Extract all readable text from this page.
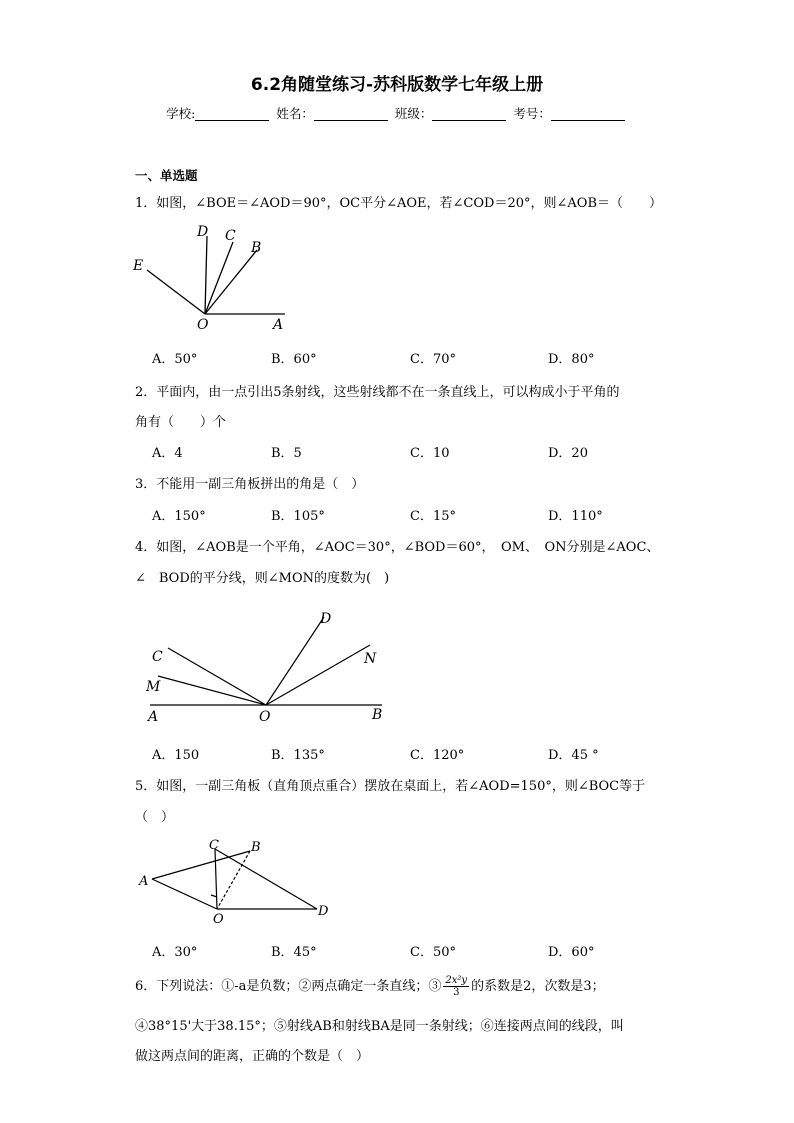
6.2角随堂练习-苏科版数学七年级上册
学校:	姓名：	班级：	考号：
一、单选题
1．如图，∠BOE＝∠AOD＝90°，OC平分∠AOE，若∠COD＝20°，则∠AOB＝（　　）
D C
B
E
O	A
A．50°	B．60°	C．70°	D．80°
2．平面内，由一点引出5条射线，这些射线都不在一条直线上，可以构成小于平角的
角有（　　）个
A．4	B．5	C．10	D．20
3．不能用一副三角板拼出的角是（　）
A．150°	B．105°	C．15°	D．110°
4．如图，∠AOB是一个平角，∠AOC＝30°，∠BOD＝60°，　OM、　ON分别是∠AOC、
∠　BOD的平分线，则∠MON的度数为(　)
D
N
C
M
A	O	B
A．150	B．135°	C．120°	D．45 °
5．如图，一副三角板（直角顶点重合）摆放在桌面上，若∠AOD=150°，则∠BOC等于
（　）
C B
A
O
D
A．30°	B．45°	C．50°	D．60°
6．下列说法：①-a是负数；②两点确定一条直线；③ $\frac{\text{2x²y}}{3}$ 的系数是2，次数是3；
④38°15'大于38.15°；⑤射线AB和射线BA是同一条射线；⑥连接两点间的线段，叫
做这两点间的距离，正确的个数是（　）
